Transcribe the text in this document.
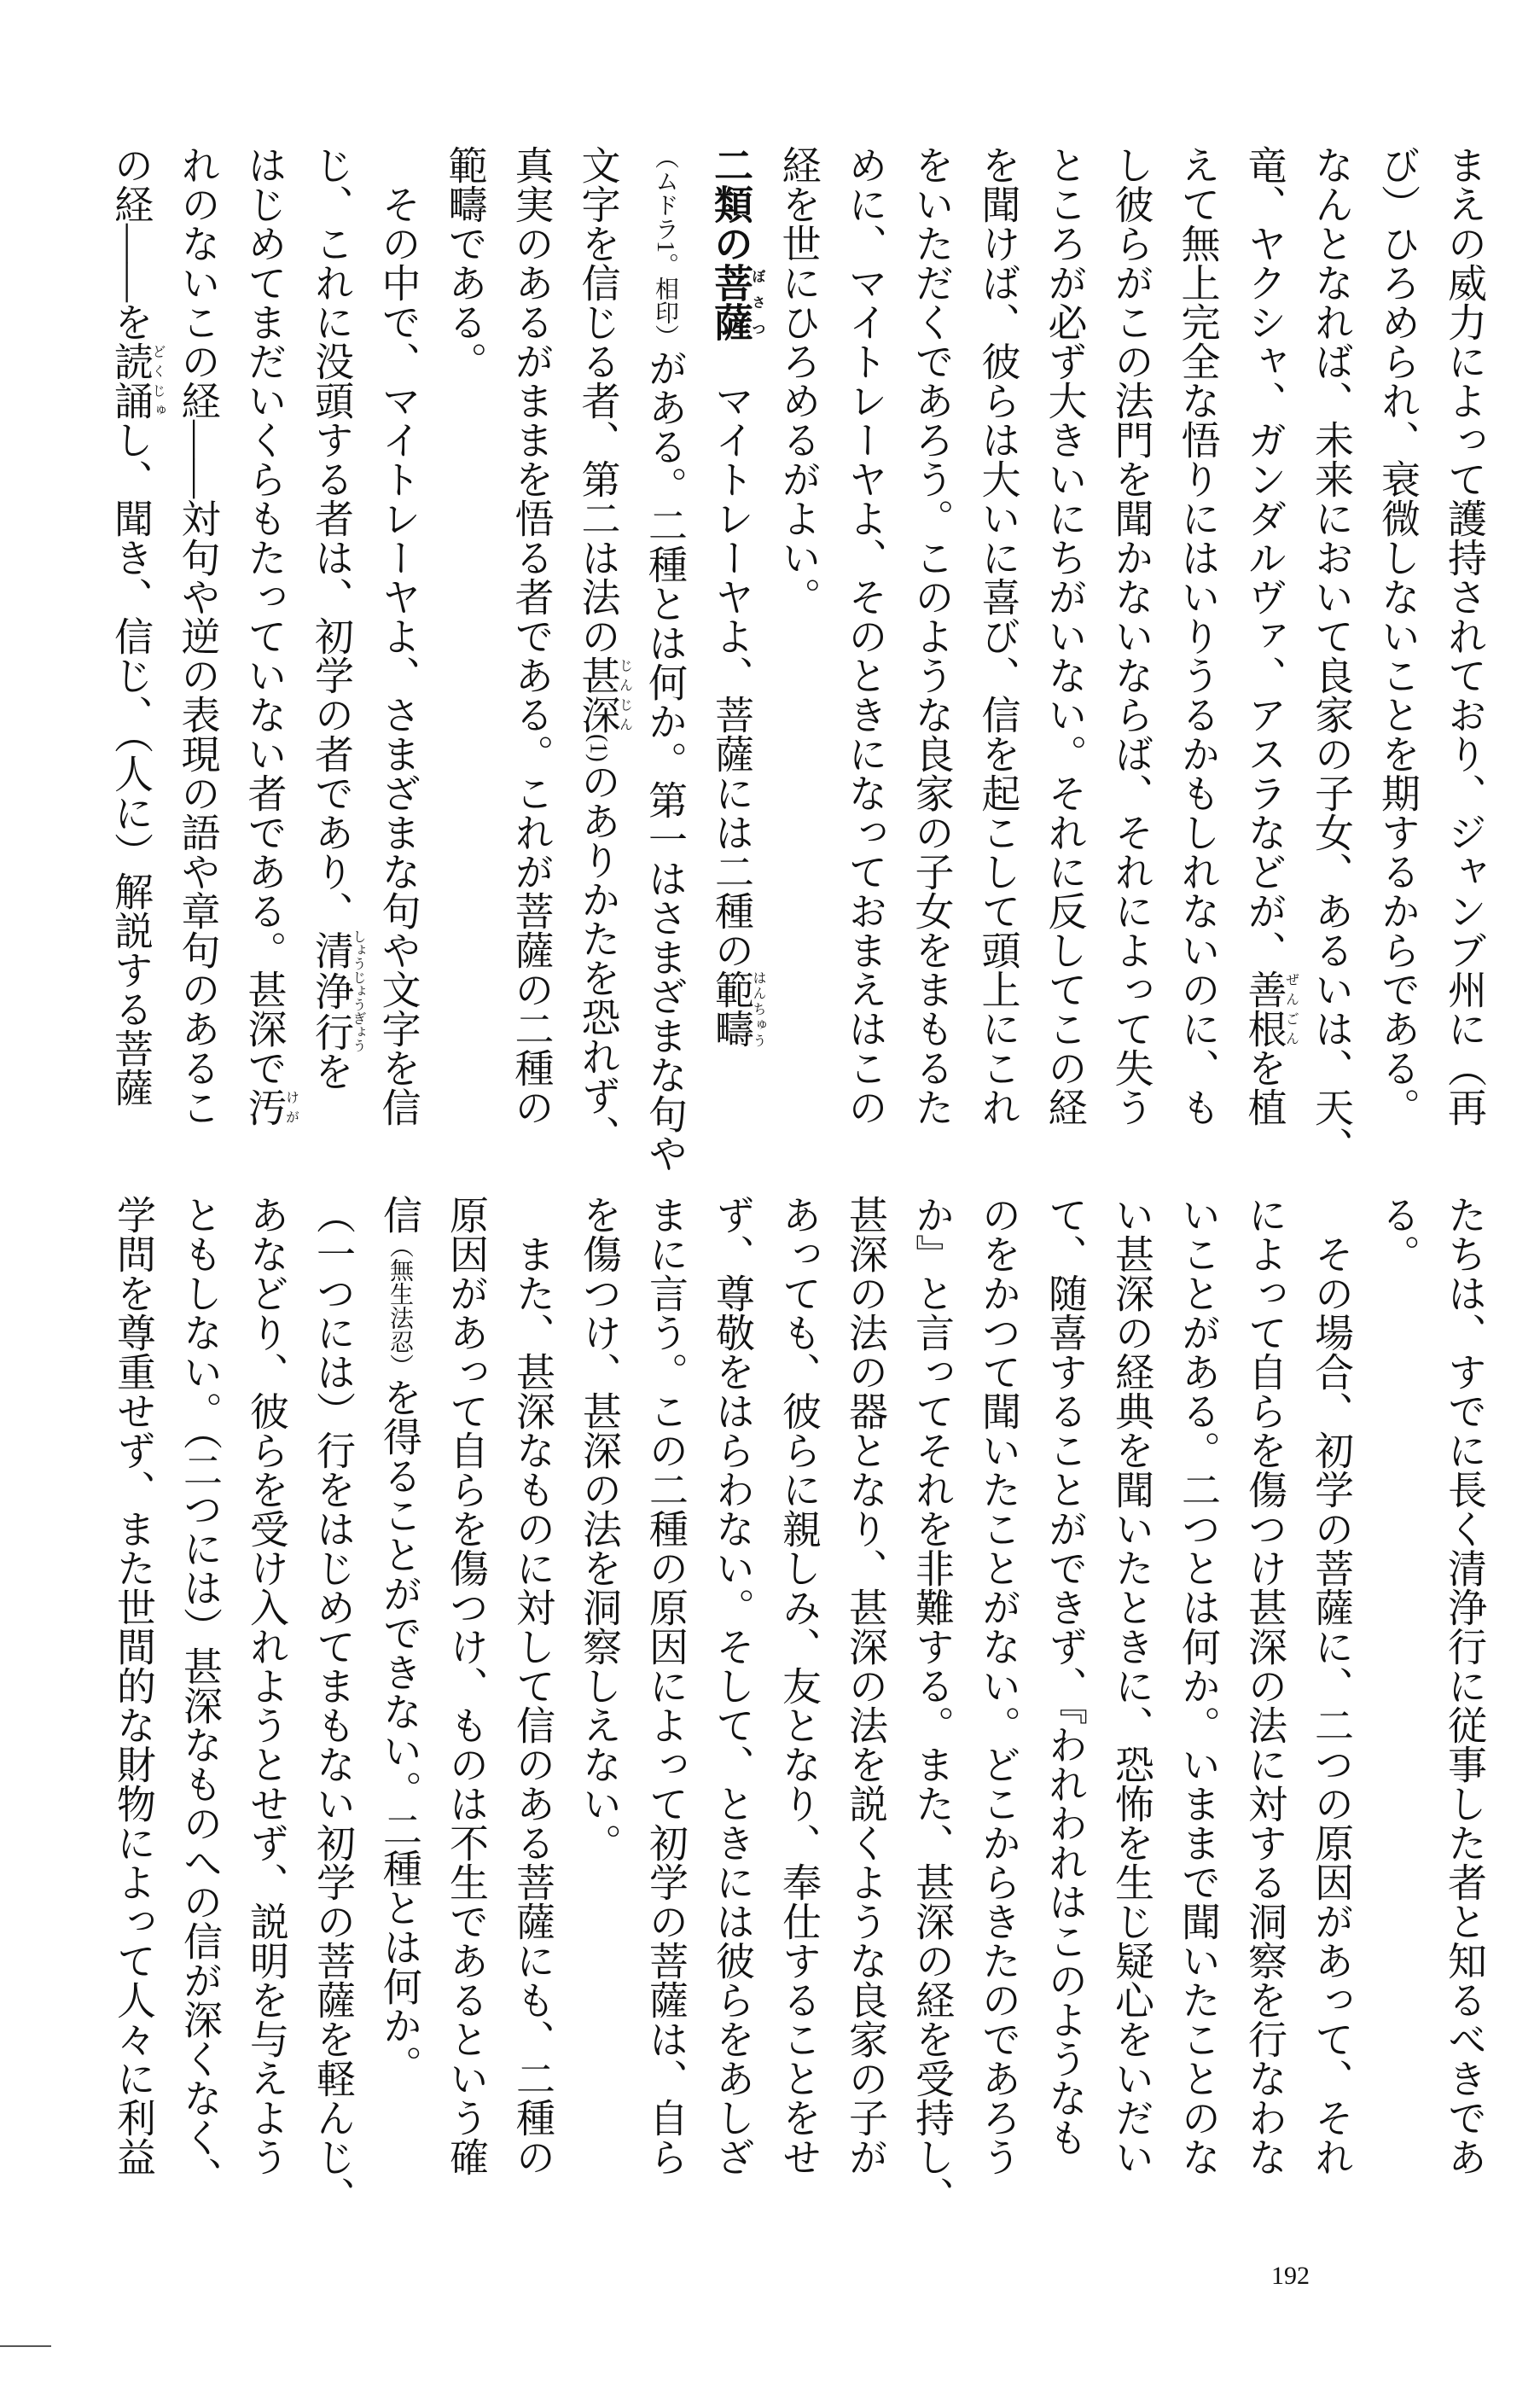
まえの威力によって護持されており、ジャンブ州に（再
び）ひろめられ、衰微しないことを期するからである。
なんとなれば、未来において良家の子女、あるいは、天、
竜、ヤクシャ、ガンダルヴァ、アスラなどが、善根ぜんごんを植
えて無上完全な悟りにはいりうるかもしれないのに、も
し彼らがこの法門を聞かないならば、それによって失う
ところが必ず大きいにちがいない。それに反してこの経
を聞けば、彼らは大いに喜び、信を起こして頭上にこれ
をいただくであろう。このような良家の子女をまもるた
めに、マイトレーヤよ、そのときになっておまえはこの
経を世にひろめるがよい。
二類の菩薩ぼさつ　マイトレーヤよ、菩薩には二種の範疇はんちゅう
（ムドラ1。相印）がある。二種とは何か。第一はさまざまな句や
文字を信じる者、第二は法の甚深じんじん(1)のありかたを恐れず、
真実のあるがままを悟る者である。これが菩薩の二種の
範疇である。
　その中で、マイトレーヤよ、さまざまな句や文字を信
じ、これに没頭する者は、初学の者であり、清浄行しょうじょうぎょうを
はじめてまだいくらもたっていない者である。甚深で汚けが
れのないこの経――対句や逆の表現の語や章句のあるこ
の経――を読誦どくじゅし、聞き、信じ、（人に）解説する菩薩
たちは、すでに長く清浄行に従事した者と知るべきであ
る。
　その場合、初学の菩薩に、二つの原因があって、それ
によって自らを傷つけ甚深の法に対する洞察を行なわな
いことがある。二つとは何か。いままで聞いたことのな
い甚深の経典を聞いたときに、恐怖を生じ疑心をいだい
て、随喜することができず、『われわれはこのようなも
のをかつて聞いたことがない。どこからきたのであろう
か』と言ってそれを非難する。また、甚深の経を受持し、
甚深の法の器となり、甚深の法を説くような良家の子が
あっても、彼らに親しみ、友となり、奉仕することをせ
ず、尊敬をはらわない。そして、ときには彼らをあしざ
まに言う。この二種の原因によって初学の菩薩は、自ら
を傷つけ、甚深の法を洞察しえない。
　また、甚深なものに対して信のある菩薩にも、二種の
原因があって自らを傷つけ、ものは不生であるという確
信（無生法忍）を得ることができない。二種とは何か。
（一つには）行をはじめてまもない初学の菩薩を軽んじ、
あなどり、彼らを受け入れようとせず、説明を与えよう
ともしない。（二つには）甚深なものへの信が深くなく、
学問を尊重せず、また世間的な財物によって人々に利益
192
